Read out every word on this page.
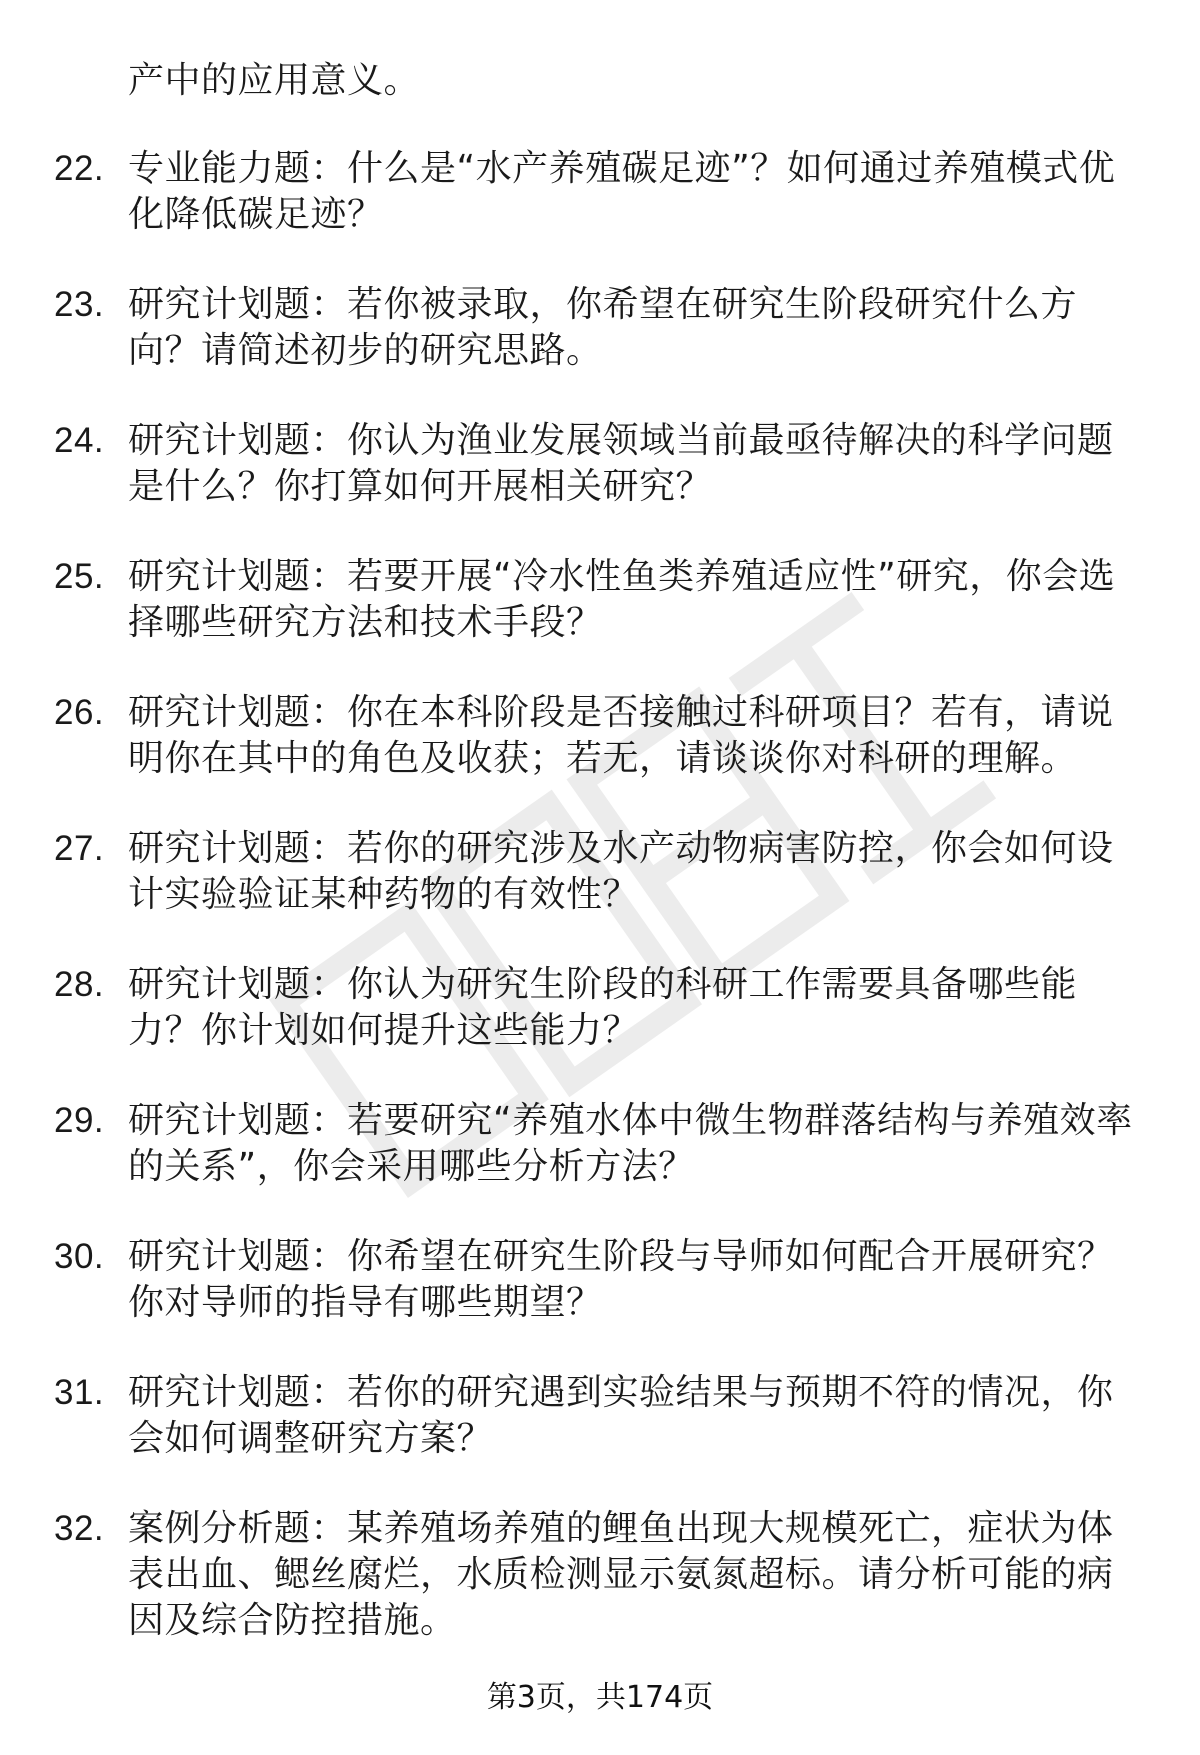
产中的应用意义。
22. 专业能力题：什么是“水产养殖碳足迹”？如何通过养殖模式优化降低碳足迹？
23. 研究计划题：若你被录取，你希望在研究生阶段研究什么方向？请简述初步的研究思路。
24. 研究计划题：你认为渔业发展领域当前最亟待解决的科学问题是什么？你打算如何开展相关研究？
25. 研究计划题：若要开展“冷水性鱼类养殖适应性”研究，你会选择哪些研究方法和技术手段？
26. 研究计划题：你在本科阶段是否接触过科研项目？若有，请说明你在其中的角色及收获；若无，请谈谈你对科研的理解。
27. 研究计划题：若你的研究涉及水产动物病害防控，你会如何设计实验验证某种药物的有效性？
28. 研究计划题：你认为研究生阶段的科研工作需要具备哪些能力？你计划如何提升这些能力？
29. 研究计划题：若要研究“养殖水体中微生物群落结构与养殖效率的关系”，你会采用哪些分析方法？
30. 研究计划题：你希望在研究生阶段与导师如何配合开展研究？你对导师的指导有哪些期望？
31. 研究计划题：若你的研究遇到实验结果与预期不符的情况，你会如何调整研究方案？
32. 案例分析题：某养殖场养殖的鲤鱼出现大规模死亡，症状为体表出血、鳃丝腐烂，水质检测显示氨氮超标。请分析可能的病因及综合防控措施。
第3页，共174页
